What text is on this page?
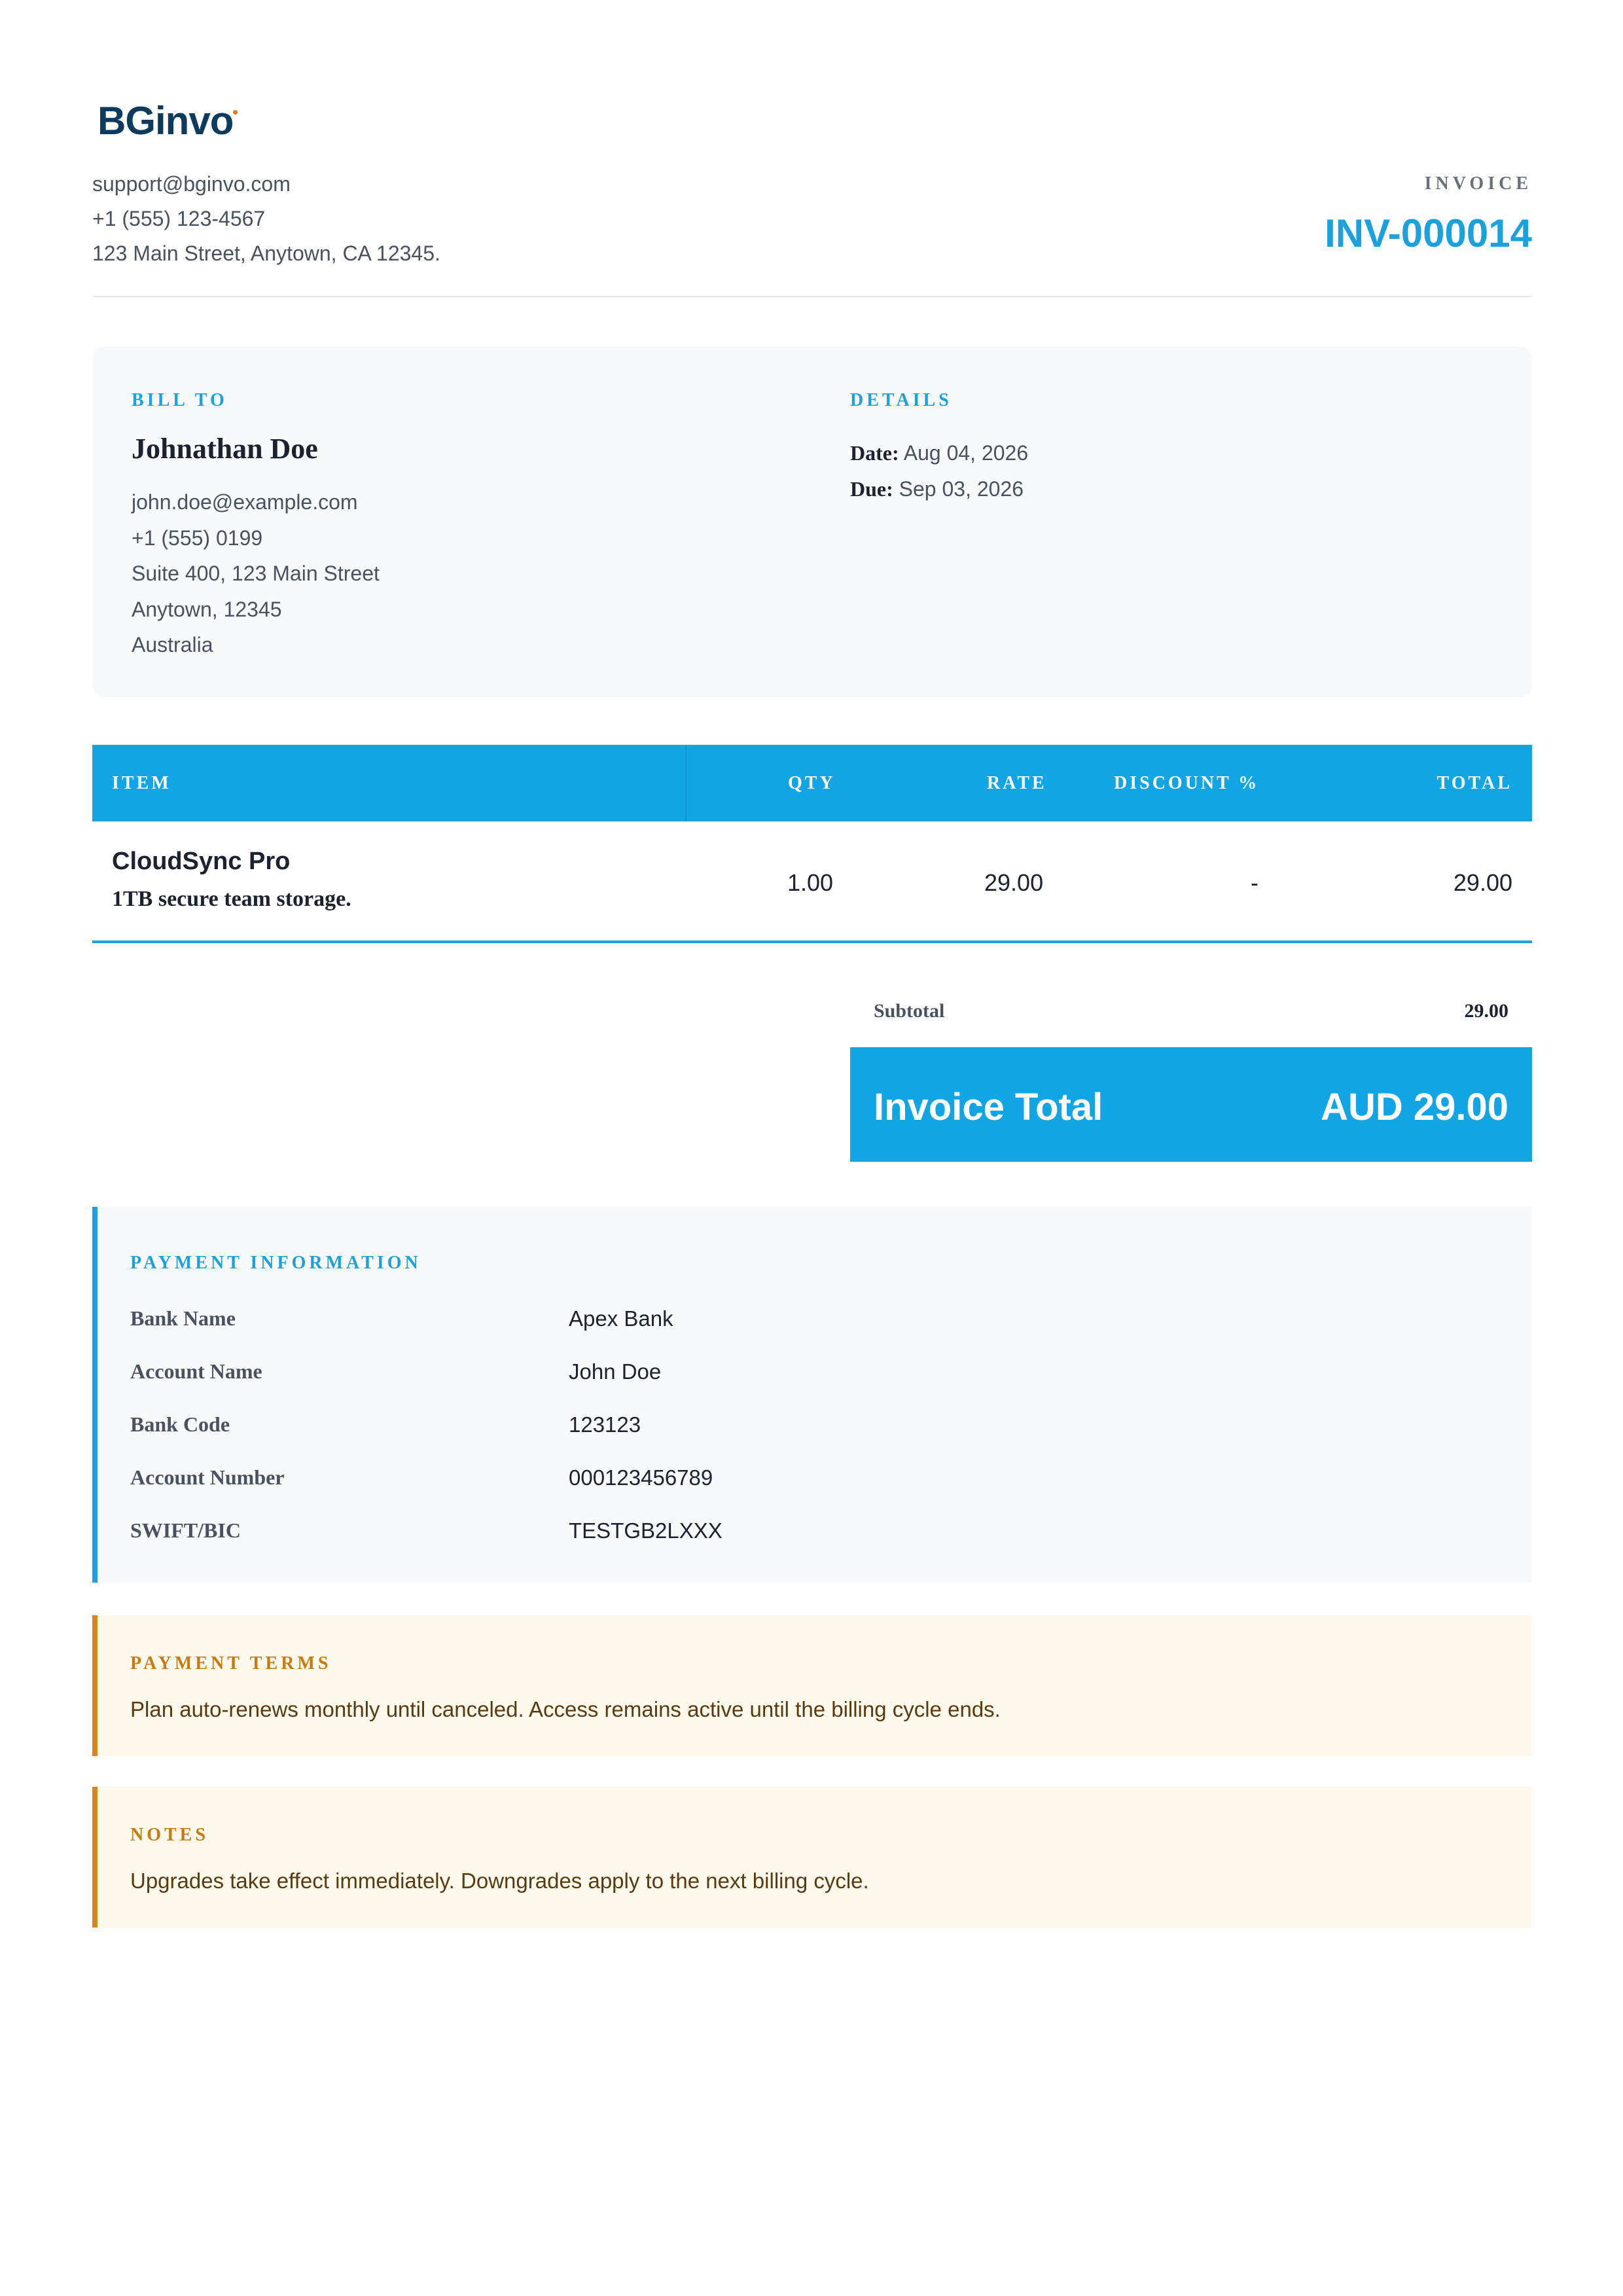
BGinvo
support@bginvo.com
+1 (555) 123-4567
123 Main Street, Anytown, CA 12345.
INVOICE
INV-000014
BILL TO
Johnathan Doe
john.doe@example.com
+1 (555) 0199
Suite 400, 123 Main Street
Anytown, 12345
Australia
DETAILS
Date: Aug 04, 2026
Due: Sep 03, 2026
ITEM	QTY	RATE	DISCOUNT %	TOTAL
CloudSync Pro
1TB secure team storage.
1.00	29.00	-	29.00
Subtotal	29.00
Invoice Total	AUD 29.00
PAYMENT INFORMATION
Bank Name	Apex Bank
Account Name	John Doe
Bank Code	123123
Account Number	000123456789
SWIFT/BIC	TESTGB2LXXX
PAYMENT TERMS
Plan auto-renews monthly until canceled. Access remains active until the billing cycle ends.
NOTES
Upgrades take effect immediately. Downgrades apply to the next billing cycle.
